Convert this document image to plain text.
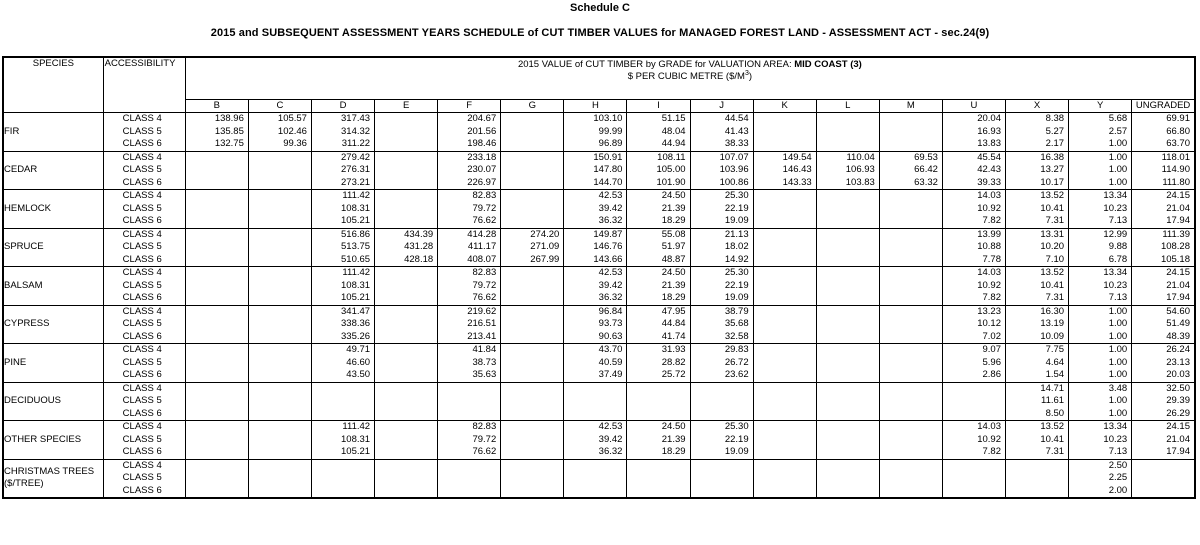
Schedule C
2015 and SUBSEQUENT ASSESSMENT YEARS SCHEDULE of CUT TIMBER VALUES for MANAGED FOREST LAND - ASSESSMENT ACT - sec.24(9)
SPECIES	ACCESSIBILITY	2015 VALUE of CUT TIMBER by GRADE for VALUATION AREA: MID COAST (3)
$ PER CUBIC METRE $(\$/M^3)$															

		B	C	D	E	F	G	H	I	J	K	L	M	U	X	Y	UNGRADED
FIR	CLASS 4	138.96	105.57	317.43		204.67		103.10	51.15	44.54				20.04	8.38	5.68	69.91
	CLASS 5	135.85	102.46	314.32		201.56		99.99	48.04	41.43				16.93	5.27	2.57	66.80
	CLASS 6	132.75	99.36	311.22		198.46		96.89	44.94	38.33				13.83	2.17	1.00	63.70
CEDAR	CLASS 4			279.42		233.18		150.91	108.11	107.07	149.54	110.04	69.53	45.54	16.38	1.00	118.01
	CLASS 5			276.31		230.07		147.80	105.00	103.96	146.43	106.93	66.42	42.43	13.27	1.00	114.90
	CLASS 6			273.21		226.97		144.70	101.90	100.86	143.33	103.83	63.32	39.33	10.17	1.00	111.80
HEMLOCK	CLASS 4			111.42		82.83		42.53	24.50	25.30				14.03	13.52	13.34	24.15
	CLASS 5			108.31		79.72		39.42	21.39	22.19				10.92	10.41	10.23	21.04
	CLASS 6			105.21		76.62		36.32	18.29	19.09				7.82	7.31	7.13	17.94
SPRUCE	CLASS 4			516.86	434.39	414.28	274.20	149.87	55.08	21.13				13.99	13.31	12.99	111.39
	CLASS 5			513.75	431.28	411.17	271.09	146.76	51.97	18.02				10.88	10.20	9.88	108.28
	CLASS 6			510.65	428.18	408.07	267.99	143.66	48.87	14.92				7.78	7.10	6.78	105.18
BALSAM	CLASS 4			111.42		82.83		42.53	24.50	25.30				14.03	13.52	13.34	24.15
	CLASS 5			108.31		79.72		39.42	21.39	22.19				10.92	10.41	10.23	21.04
	CLASS 6			105.21		76.62		36.32	18.29	19.09				7.82	7.31	7.13	17.94
CYPRESS	CLASS 4			341.47		219.62		96.84	47.95	38.79				13.23	16.30	1.00	54.60
	CLASS 5			338.36		216.51		93.73	44.84	35.68				10.12	13.19	1.00	51.49
	CLASS 6			335.26		213.41		90.63	41.74	32.58				7.02	10.09	1.00	48.39
PINE	CLASS 4			49.71		41.84		43.70	31.93	29.83				9.07	7.75	1.00	26.24
	CLASS 5			46.60		38.73		40.59	28.82	26.72				5.96	4.64	1.00	23.13
	CLASS 6			43.50		35.63		37.49	25.72	23.62				2.86	1.54	1.00	20.03
DECIDUOUS	CLASS 4														14.71	3.48	32.50
	CLASS 5														11.61	1.00	29.39
	CLASS 6														8.50	1.00	26.29
OTHER SPECIES	CLASS 4			111.42		82.83		42.53	24.50	25.30				14.03	13.52	13.34	24.15
	CLASS 5			108.31		79.72		39.42	21.39	22.19				10.92	10.41	10.23	21.04
	CLASS 6			105.21		76.62		36.32	18.29	19.09				7.82	7.31	7.13	17.94
CHRISTMAS TREES ($/TREE)	CLASS 4															2.50	
	CLASS 5															2.25	
	CLASS 6															2.00	
